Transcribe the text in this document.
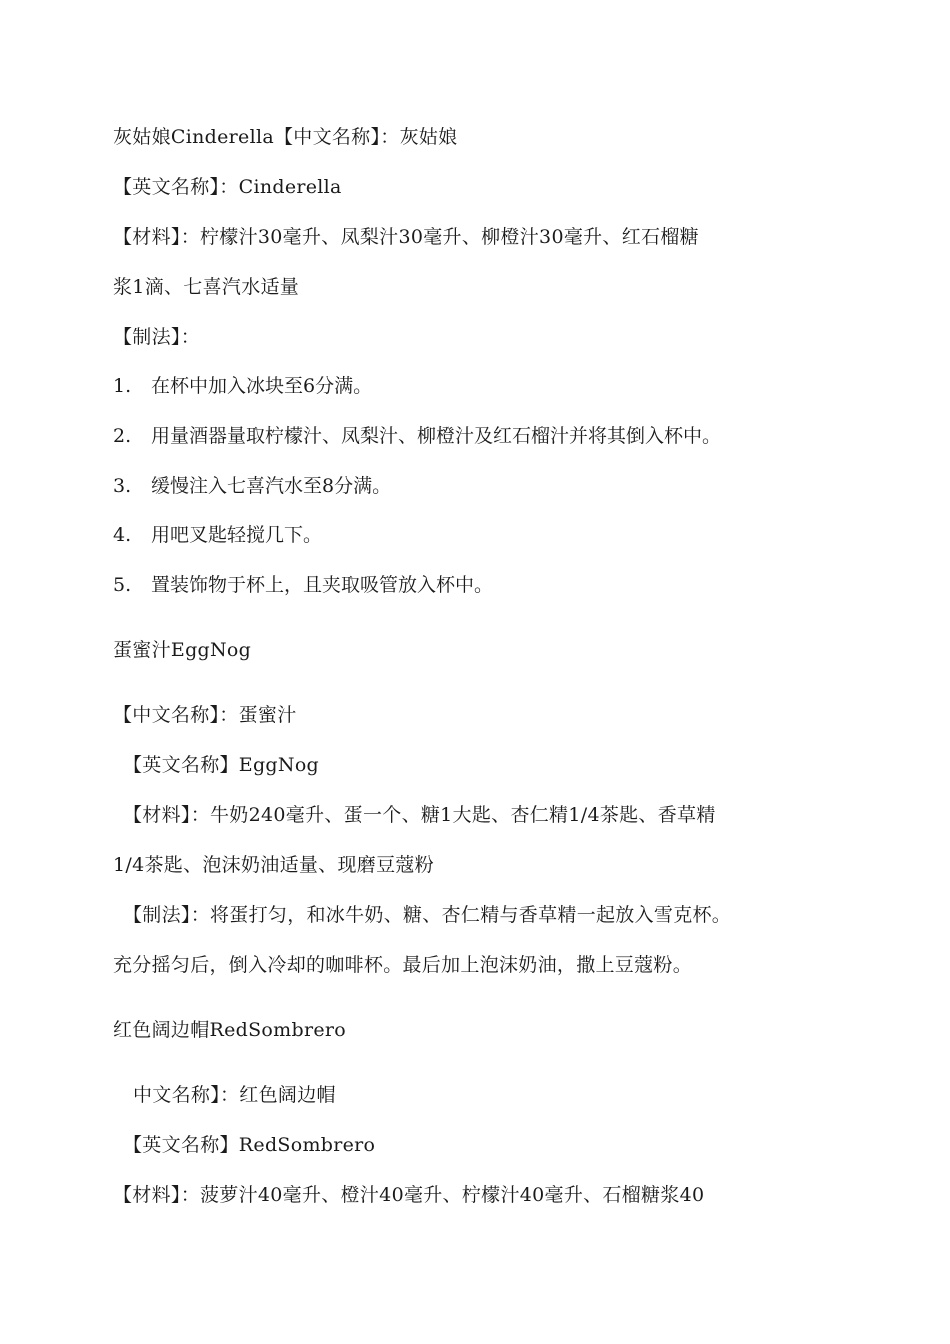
灰姑娘Cinderella【中文名称】：灰姑娘
【英文名称】：Cinderella
【材料】：柠檬汁30毫升、凤梨汁30毫升、柳橙汁30毫升、红石榴糖
浆1滴、七喜汽水适量
【制法】：
1. 在杯中加入冰块至6分满。
2. 用量酒器量取柠檬汁、凤梨汁、柳橙汁及红石榴汁并将其倒入杯中。
3. 缓慢注入七喜汽水至8分满。
4. 用吧叉匙轻搅几下。
5. 置装饰物于杯上，且夹取吸管放入杯中。
蛋蜜汁EggNog
【中文名称】：蛋蜜汁
【英文名称】EggNog
【材料】：牛奶240毫升、蛋一个、糖1大匙、杏仁精1/4茶匙、香草精
1/4茶匙、泡沫奶油适量、现磨豆蔻粉
【制法】：将蛋打匀，和冰牛奶、糖、杏仁精与香草精一起放入雪克杯。
充分摇匀后，倒入冷却的咖啡杯。最后加上泡沫奶油，撒上豆蔻粉。
红色阔边帽RedSombrero
中文名称】：红色阔边帽
【英文名称】RedSombrero
【材料】：菠萝汁40毫升、橙汁40毫升、柠檬汁40毫升、石榴糖浆40
